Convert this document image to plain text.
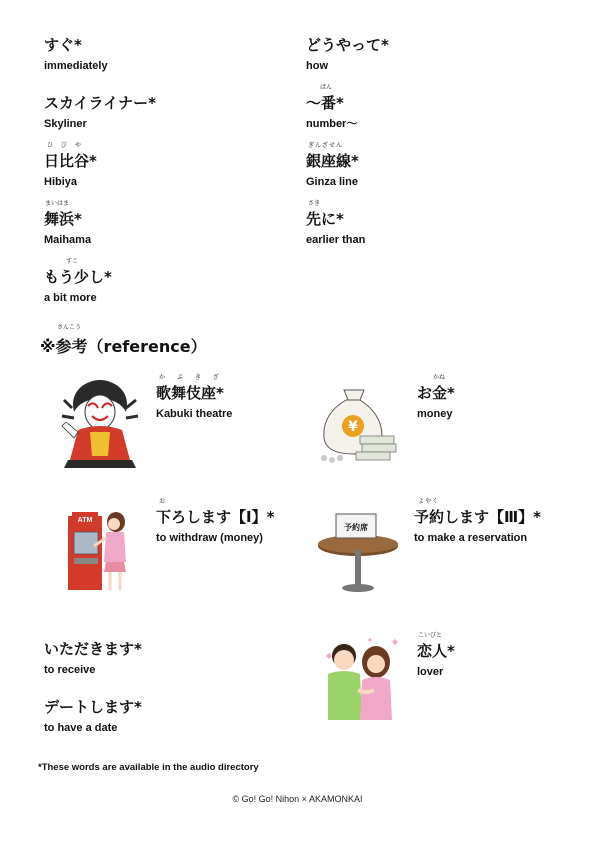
すぐ*
immediately
どうやって*
how
スカイライナー*
Skyliner
ばん
〜番*
number〜
ひ び や
日比谷*
Hibiya
ぎんざせん
銀座線*
Ginza line
まいはま
舞浜*
Maihama
さき
先に*
earlier than
すこ
もう少し*
a bit more
さんこう
※参考（reference）
か ぶ き ざ
歌舞伎座*
Kabuki theatre
¥
かね
お金*
money
ATM
お
下ろします【Ⅰ】*
to withdraw (money)
予約席
よやく
予約します【Ⅲ】*
to make a reservation
いただきます*
to receive
デートします*
to have a date
こいびと
恋人*
lover
*These words are available in the audio directory
© Go! Go! Nihon × AKAMONKAI
